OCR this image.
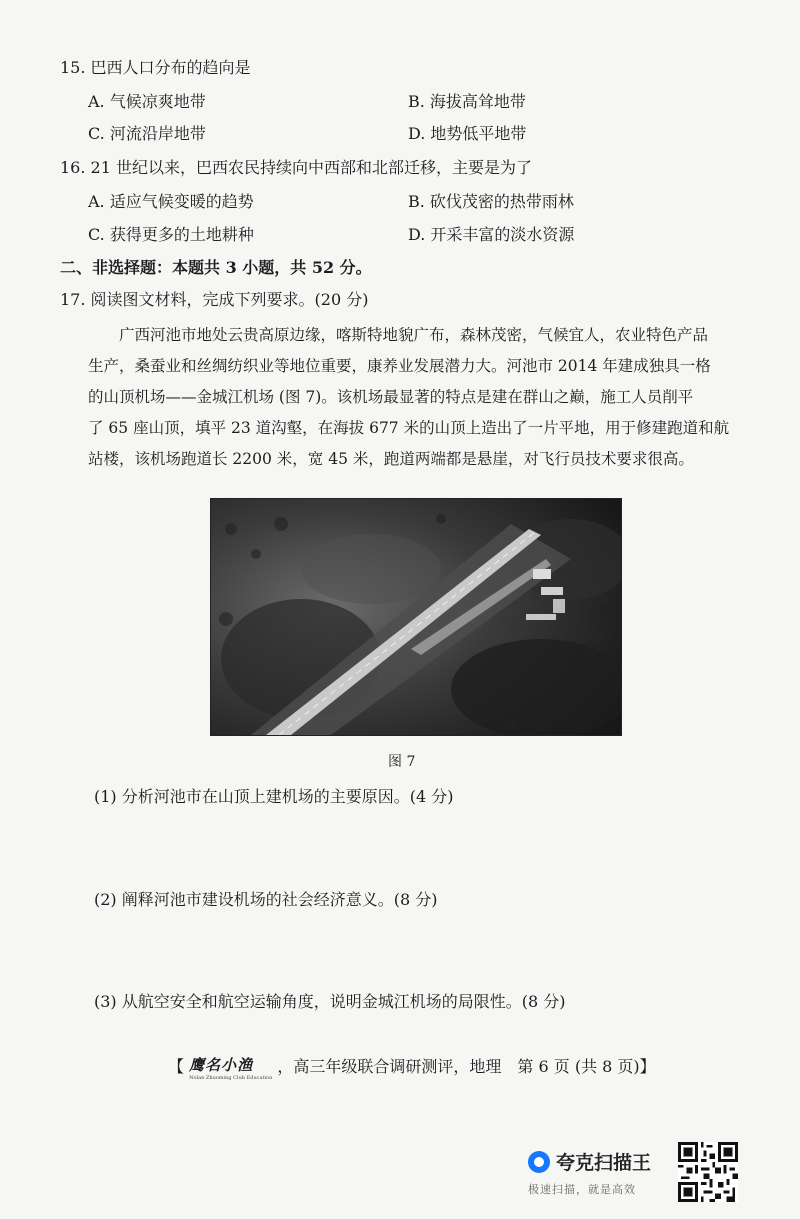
15. 巴西人口分布的趋向是
A. 气候凉爽地带	B. 海拔高耸地带
C. 河流沿岸地带	D. 地势低平地带
16. 21 世纪以来，巴西农民持续向中西部和北部迁移，主要是为了
A. 适应气候变暖的趋势	B. 砍伐茂密的热带雨林
C. 获得更多的土地耕种	D. 开采丰富的淡水资源
二、非选择题：本题共 3 小题，共 52 分。
17. 阅读图文材料，完成下列要求。(20 分)
广西河池市地处云贵高原边缘，喀斯特地貌广布，森林茂密，气候宜人，农业特色产品
生产，桑蚕业和丝绸纺织业等地位重要，康养业发展潜力大。河池市 2014 年建成独具一格
的山顶机场——金城江机场 (图 7)。该机场最显著的特点是建在群山之巅，施工人员削平
了 65 座山顶，填平 23 道沟壑，在海拔 677 米的山顶上造出了一片平地，用于修建跑道和航
站楼，该机场跑道长 2200 米，宽 45 米，跑道两端都是悬崖，对飞行员技术要求很高。
图 7
(1) 分析河池市在山顶上建机场的主要原因。(4 分)
(2) 阐释河池市建设机场的社会经济意义。(8 分)
(3) 从航空安全和航空运输角度，说明金城江机场的局限性。(8 分)
【 鹰名小渔
Nolan Zhuoming Club Education
，高三年级联合调研测评，地理　第 6 页 (共 8 页)】
夸克扫描王
极速扫描，就是高效
